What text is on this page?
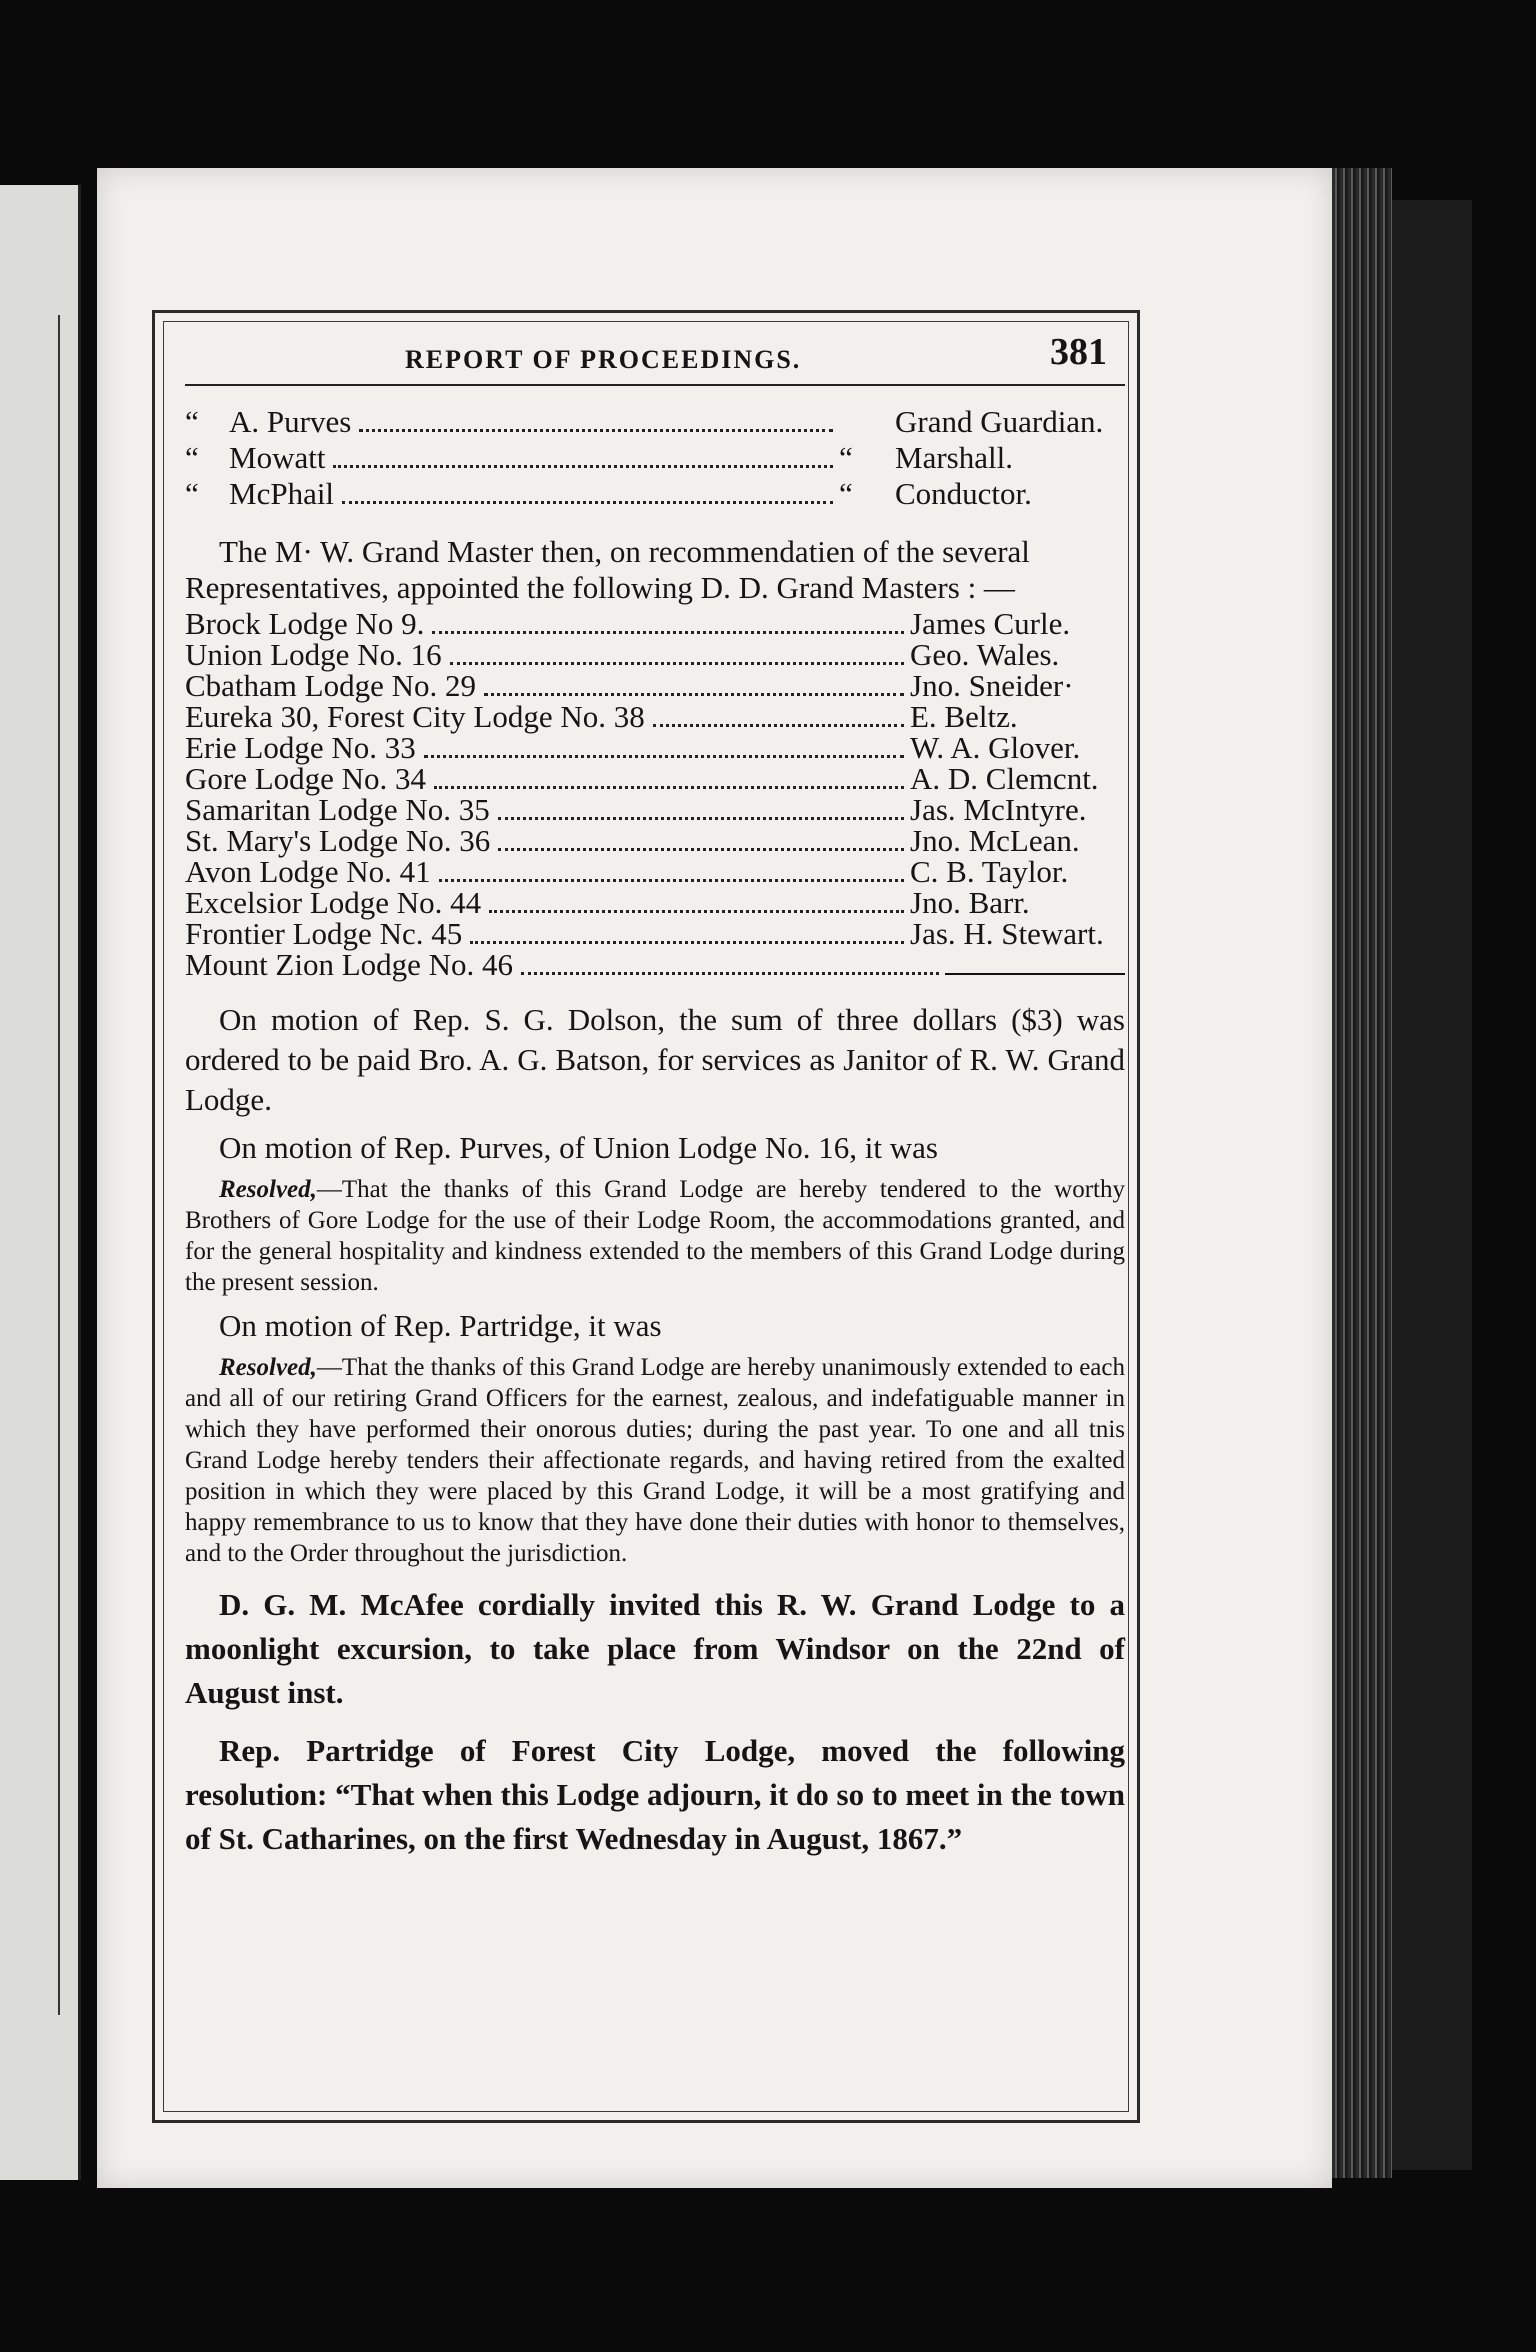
REPORT OF PROCEEDINGS.	381
“ A. Purves	Grand Guardian.
“ Mowatt	“	Marshall.
“ McPhail	“	Conductor.

The M· W. Grand Master then, on recommendatien of the several Representatives, appointed the following D. D. Grand Masters : —

Brock Lodge No 9.	James Curle.
Union Lodge No. 16	Geo. Wales.
Cbatham Lodge No. 29	Jno. Sneider·
Eureka 30, Forest City Lodge No. 38	E. Beltz.
Erie Lodge No. 33	W. A. Glover.
Gore Lodge No. 34	A. D. Clemcnt.
Samaritan Lodge No. 35	Jas. McIntyre.
St. Mary's Lodge No. 36	Jno. McLean.
Avon Lodge No. 41	C. B. Taylor.
Excelsior Lodge No. 44	Jno. Barr.
Frontier Lodge Nc. 45	Jas. H. Stewart.
Mount Zion Lodge No. 46

On motion of Rep. S. G. Dolson, the sum of three dollars ($3) was ordered to be paid Bro. A. G. Batson, for services as Janitor of R. W. Grand Lodge.

On motion of Rep. Purves, of Union Lodge No. 16, it was

Resolved,—That the thanks of this Grand Lodge are hereby tendered to the worthy Brothers of Gore Lodge for the use of their Lodge Room, the accommodations granted, and for the general hospitality and kindness extended to the members of this Grand Lodge during the present session.

On motion of Rep. Partridge, it was

Resolved,—That the thanks of this Grand Lodge are hereby unanimously extended to each and all of our retiring Grand Officers for the earnest, zealous, and indefatiguable manner in which they have performed their onorous duties; during the past year. To one and all tnis Grand Lodge hereby tenders their affectionate regards, and having retired from the exalted position in which they were placed by this Grand Lodge, it will be a most gratifying and happy remembrance to us to know that they have done their duties with honor to themselves, and to the Order throughout the jurisdiction.

D. G. M. McAfee cordially invited this R. W. Grand Lodge to a moonlight excursion, to take place from Windsor on the 22nd of August inst.

Rep. Partridge of Forest City Lodge, moved the following resolution: “That when this Lodge adjourn, it do so to meet in the town of St. Catharines, on the first Wednesday in August, 1867.”
